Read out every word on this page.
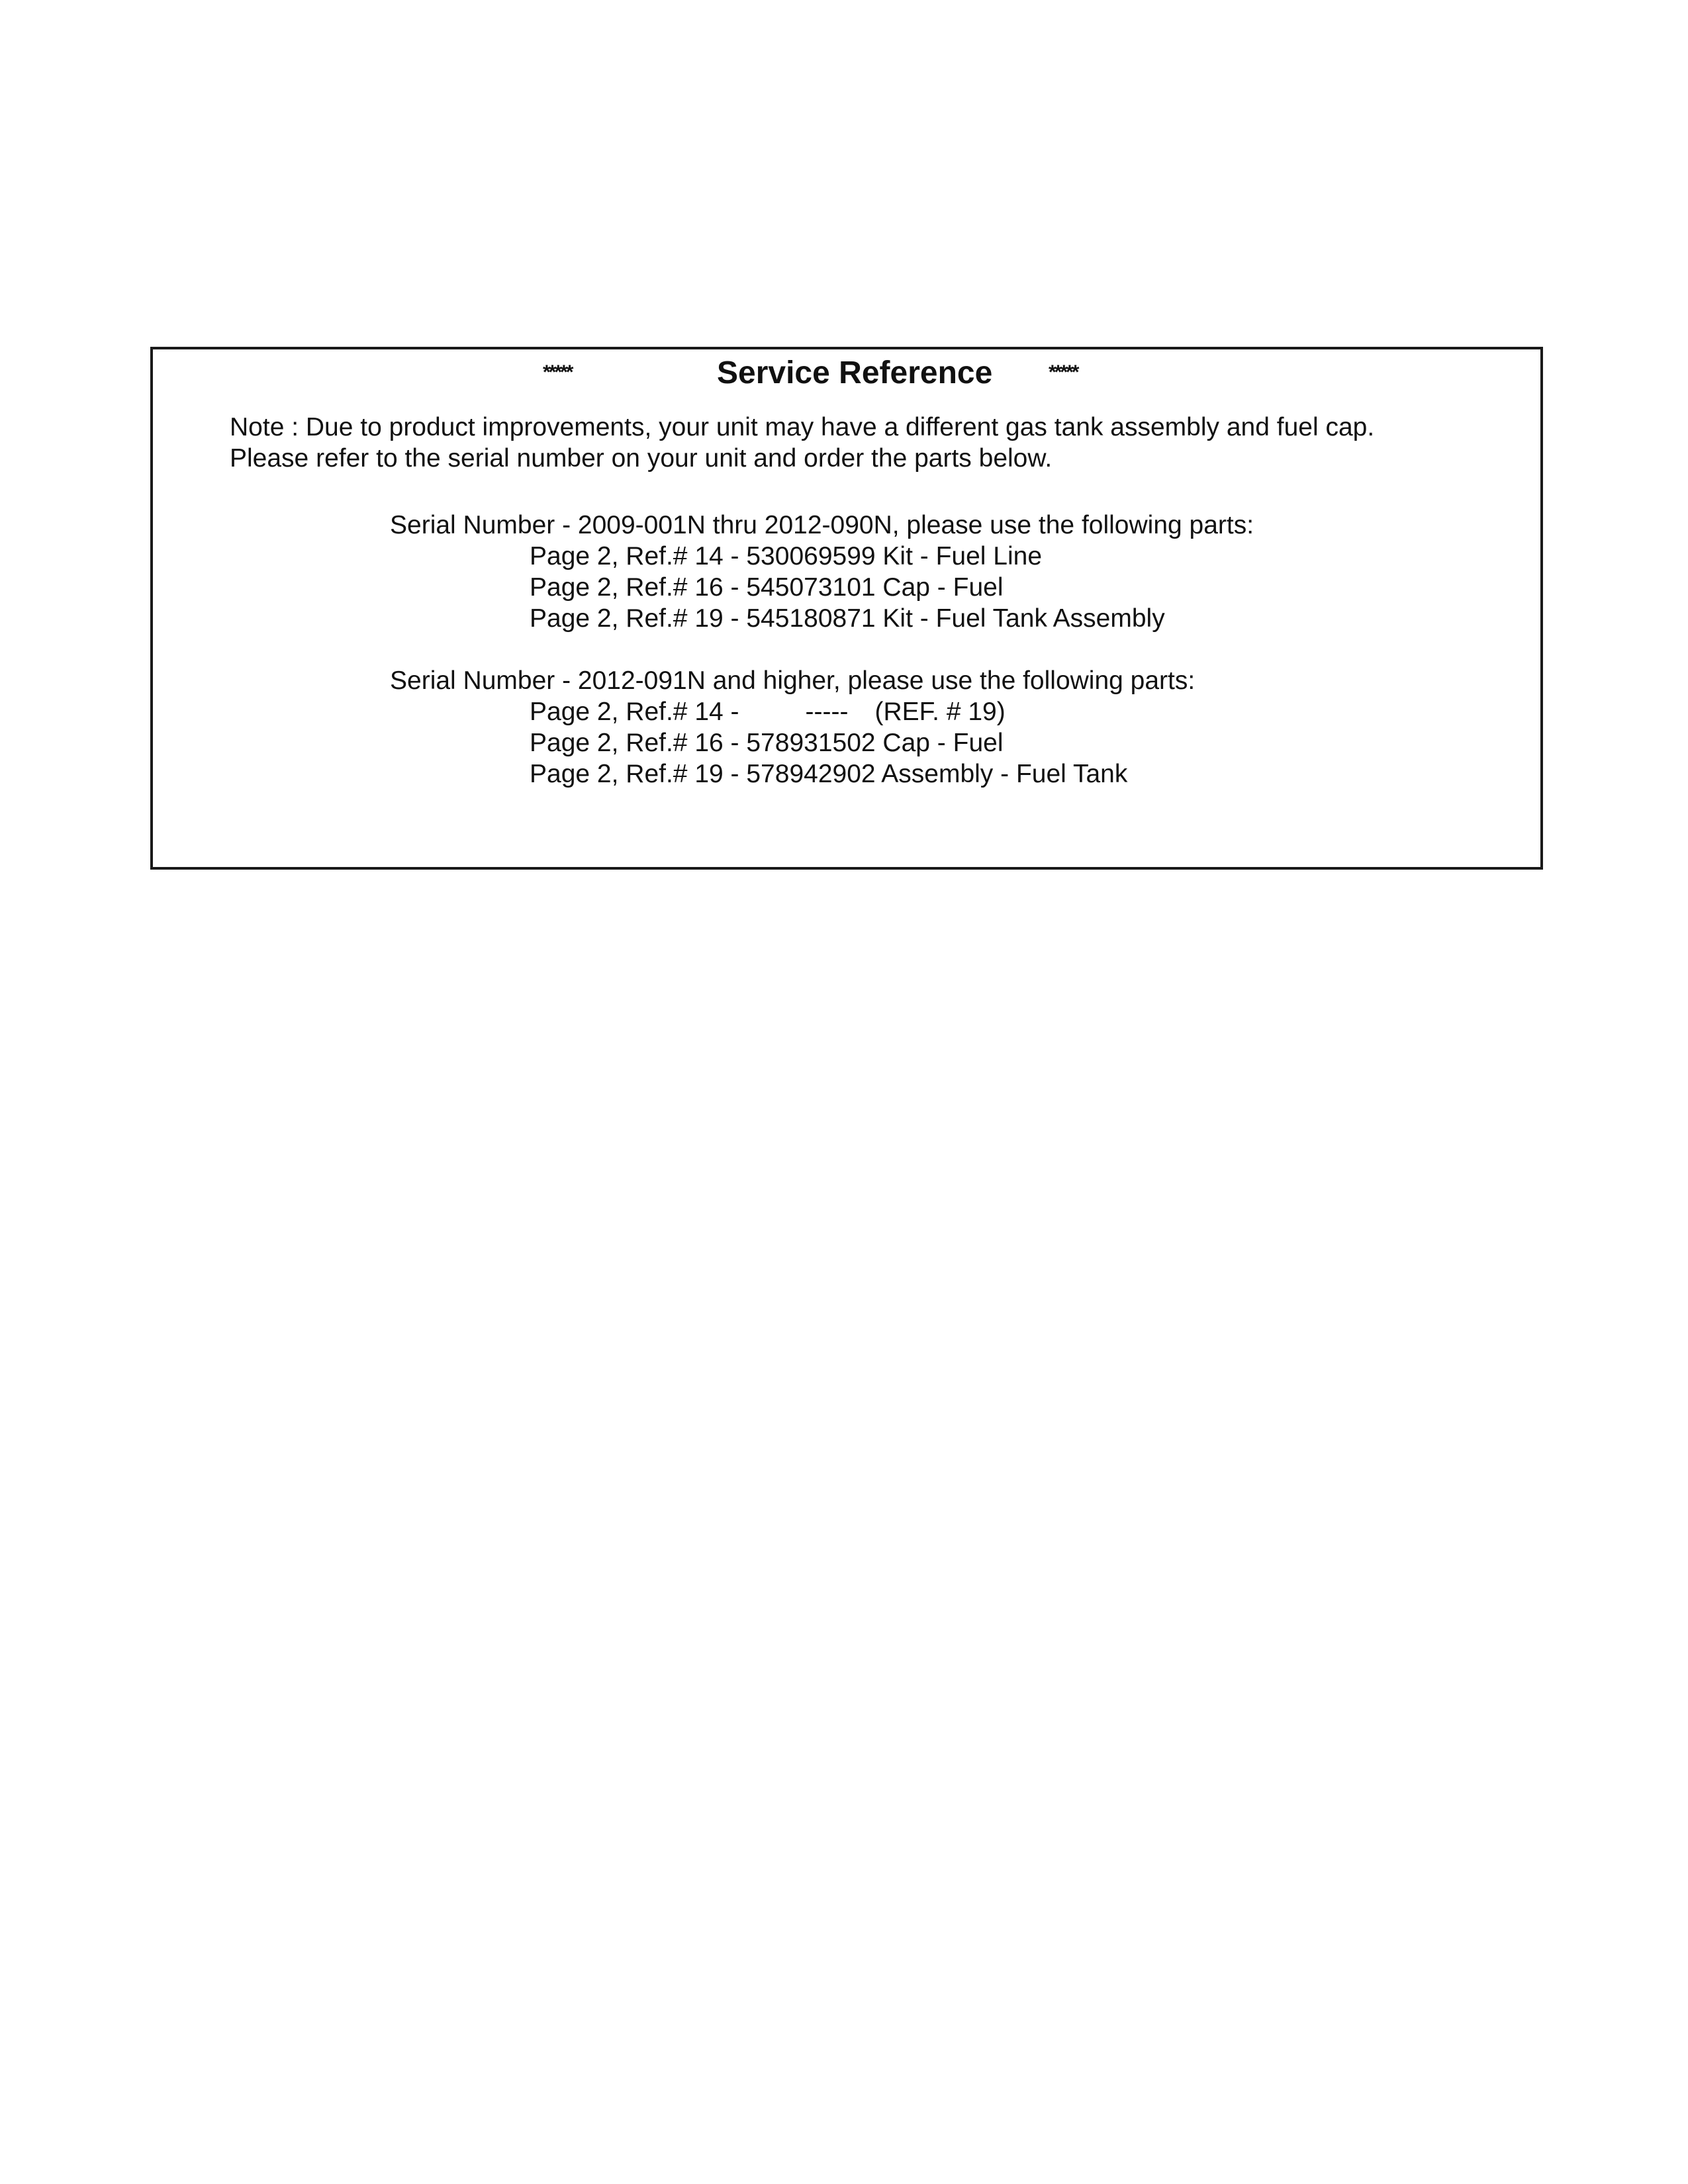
*****	Service Reference	*****
Note : Due to product improvements, your unit may have a different gas tank assembly and fuel cap.
Please refer to the serial number on your unit and order the parts below.
Serial Number - 2009-001N thru 2012-090N, please use the following parts:
Page 2, Ref.# 14 - 530069599 Kit - Fuel Line
Page 2, Ref.# 16 - 545073101 Cap - Fuel
Page 2, Ref.# 19 - 545180871 Kit - Fuel Tank Assembly
Serial Number - 2012-091N and higher, please use the following parts:
Page 2, Ref.# 14 -	----- (REF. # 19)
Page 2, Ref.# 16 - 578931502 Cap - Fuel
Page 2, Ref.# 19 - 578942902 Assembly - Fuel Tank
